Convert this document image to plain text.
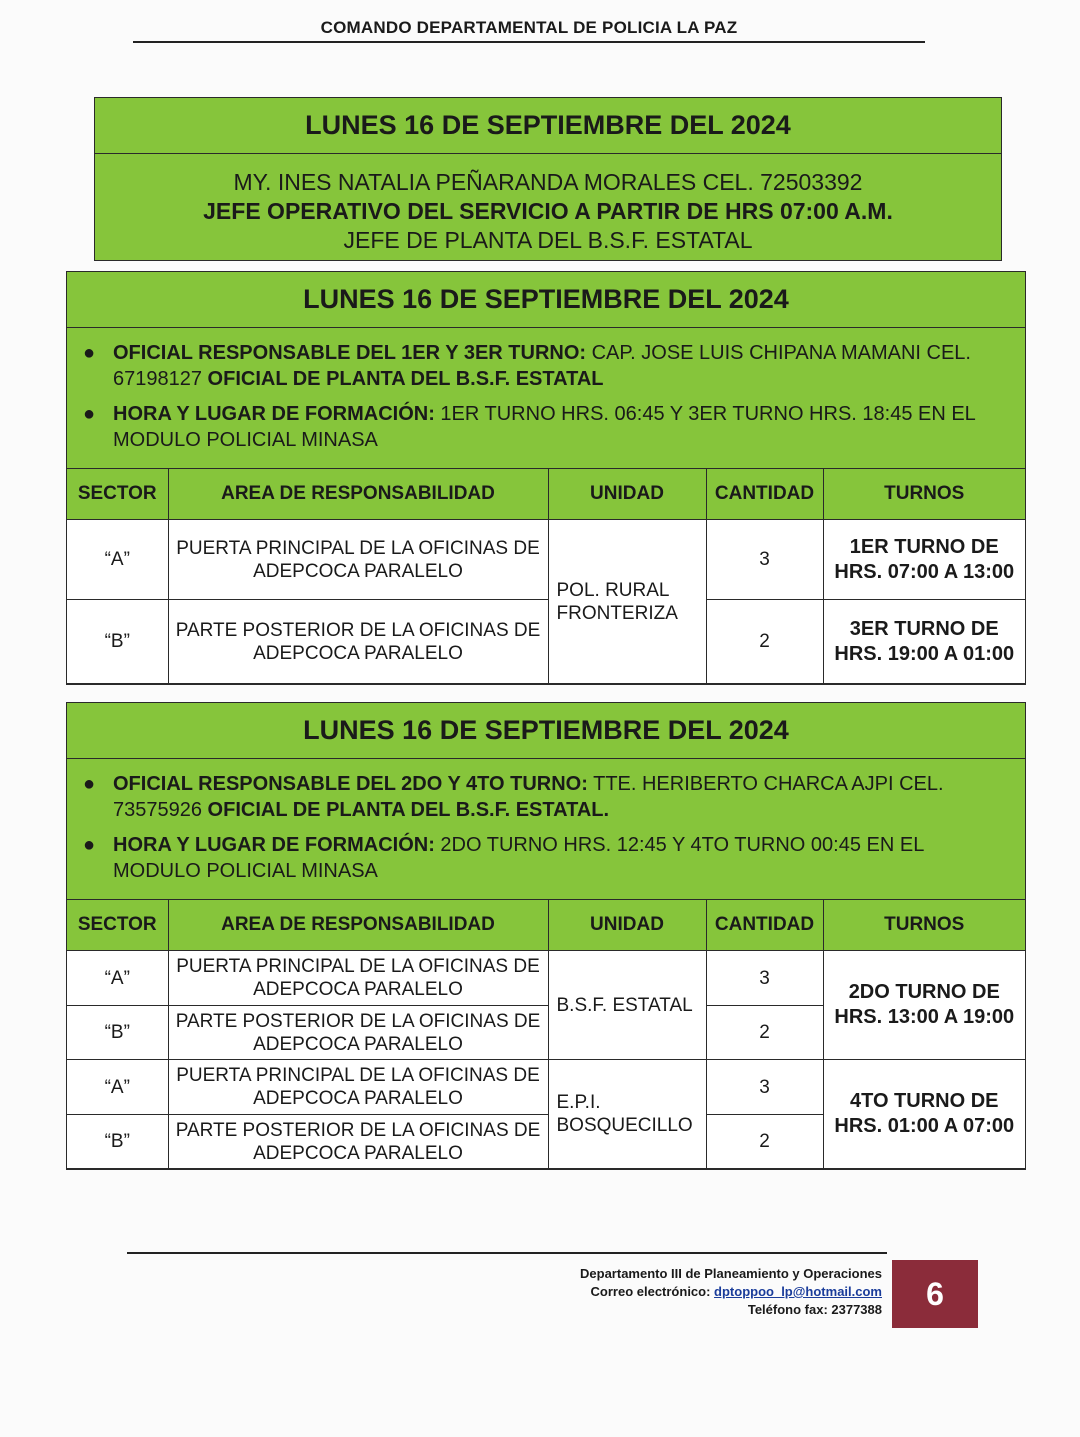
COMANDO DEPARTAMENTAL DE POLICIA LA PAZ
LUNES 16 DE SEPTIEMBRE DEL 2024
MY. INES NATALIA PEÑARANDA MORALES CEL. 72503392
JEFE OPERATIVO DEL SERVICIO A PARTIR DE HRS 07:00 A.M.
JEFE DE PLANTA DEL B.S.F. ESTATAL
LUNES 16 DE SEPTIEMBRE DEL 2024
● OFICIAL RESPONSABLE DEL 1ER Y 3ER TURNO: CAP. JOSE LUIS CHIPANA MAMANI CEL. 67198127 OFICIAL DE PLANTA DEL B.S.F. ESTATAL
● HORA Y LUGAR DE FORMACIÓN: 1ER TURNO HRS. 06:45 Y 3ER TURNO HRS. 18:45 EN EL MODULO POLICIAL MINASA
SECTOR	AREA DE RESPONSABILIDAD	UNIDAD	CANTIDAD	TURNOS
“A”	PUERTA PRINCIPAL DE LA OFICINAS DE ADEPCOCA PARALELO	POL. RURAL FRONTERIZA	3	1ER TURNO DE HRS. 07:00 A 13:00
“B”	PARTE POSTERIOR DE LA OFICINAS DE ADEPCOCA PARALELO		2	3ER TURNO DE HRS. 19:00 A 01:00
LUNES 16 DE SEPTIEMBRE DEL 2024
● OFICIAL RESPONSABLE DEL 2DO Y 4TO TURNO: TTE. HERIBERTO CHARCA AJPI CEL. 73575926 OFICIAL DE PLANTA DEL B.S.F. ESTATAL.
● HORA Y LUGAR DE FORMACIÓN: 2DO TURNO HRS. 12:45 Y 4TO TURNO 00:45 EN EL MODULO POLICIAL MINASA
SECTOR	AREA DE RESPONSABILIDAD	UNIDAD	CANTIDAD	TURNOS
“A”	PUERTA PRINCIPAL DE LA OFICINAS DE ADEPCOCA PARALELO	B.S.F. ESTATAL	3	2DO TURNO DE HRS. 13:00 A 19:00
“B”	PARTE POSTERIOR DE LA OFICINAS DE ADEPCOCA PARALELO		2	
“A”	PUERTA PRINCIPAL DE LA OFICINAS DE ADEPCOCA PARALELO	E.P.I. BOSQUECILLO	3	4TO TURNO DE HRS. 01:00 A 07:00
“B”	PARTE POSTERIOR DE LA OFICINAS DE ADEPCOCA PARALELO		2	
Departamento III de Planeamiento y Operaciones
Correo electrónico: dptoppoo_lp@hotmail.com
Teléfono fax: 2377388	6
